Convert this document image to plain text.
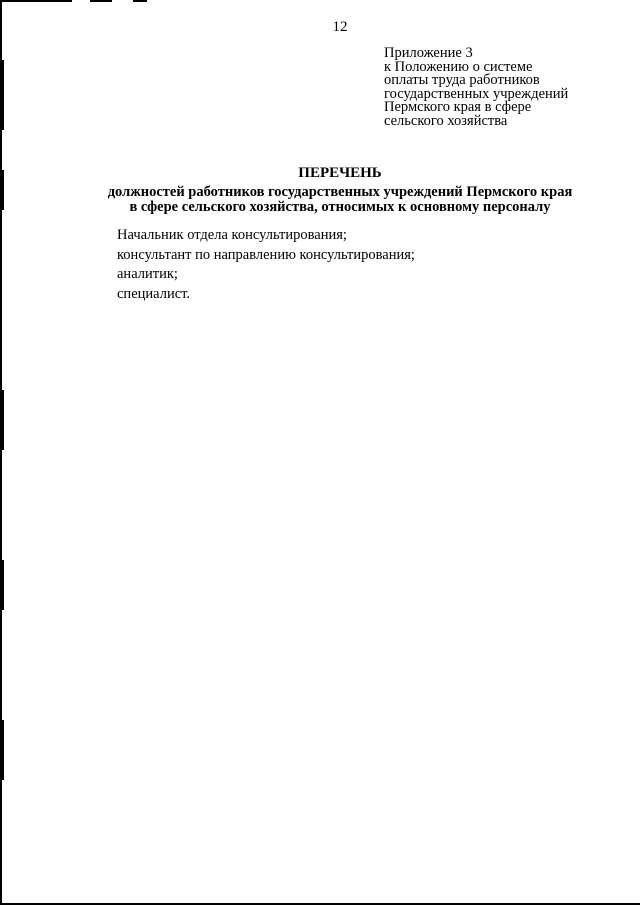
12
Приложение 3
к Положению о системе
оплаты труда работников
государственных учреждений
Пермского края в сфере
сельского хозяйства
ПЕРЕЧЕНЬ
должностей работников государственных учреждений Пермского края
в сфере сельского хозяйства, относимых к основному персоналу
Начальник отдела консультирования;
консультант по направлению консультирования;
аналитик;
специалист.
